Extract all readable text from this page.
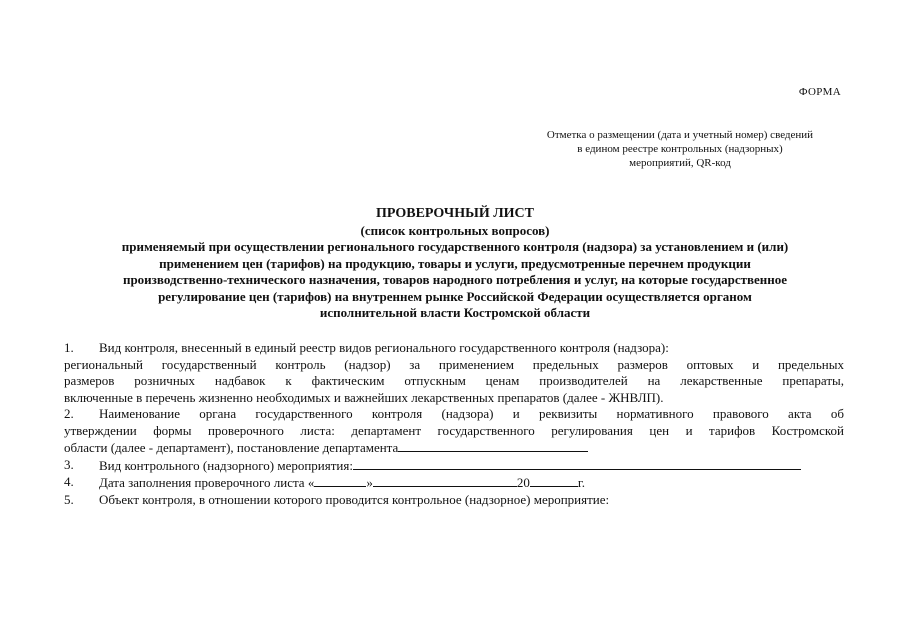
ФОРМА
Отметка о размещении (дата и учетный номер) сведений
в едином реестре контрольных (надзорных)
мероприятий, QR-код
ПРОВЕРОЧНЫЙ ЛИСТ
(список контрольных вопросов)
применяемый при осуществлении регионального государственного контроля (надзора) за установлением и (или)
применением цен (тарифов) на продукцию, товары и услуги, предусмотренные перечнем продукции
производственно-технического назначения, товаров народного потребления и услуг, на которые государственное
регулирование цен (тарифов) на внутреннем рынке Российской Федерации осуществляется органом
исполнительной власти Костромской области
1.	Вид контроля, внесенный в единый реестр видов регионального государственного контроля (надзора):
региональный государственный контроль (надзор) за применением предельных размеров оптовых и предельных
размеров розничных надбавок к фактическим отпускным ценам производителей на лекарственные препараты,
включенные в перечень жизненно необходимых и важнейших лекарственных препаратов (далее - ЖНВЛП).
2.	Наименование органа государственного контроля (надзора) и реквизиты нормативного правового акта об
утверждении формы проверочного листа: департамент государственного регулирования цен и тарифов Костромской
области (далее - департамент), постановление департамента
3.	Вид контрольного (надзорного) мероприятия:
4.	Дата заполнения проверочного листа «	»	20	г.
5.	Объект контроля, в отношении которого проводится контрольное (надзорное) мероприятие:
